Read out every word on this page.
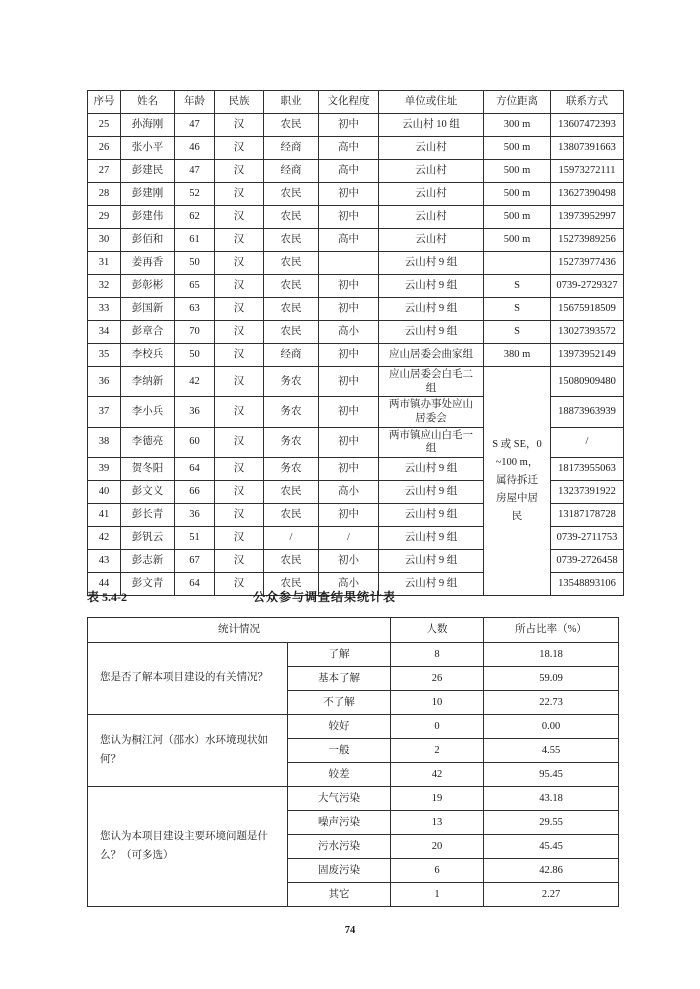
序号	姓名	年龄	民族	职业	文化程度	单位或住址	方位距离	联系方式
25	孙海刚	47	汉	农民	初中	云山村 10 组	300 m	13607472393
26	张小平	46	汉	经商	高中	云山村	500 m	13807391663
27	彭建民	47	汉	经商	高中	云山村	500 m	15973272111
28	彭建刚	52	汉	农民	初中	云山村	500 m	13627390498
29	彭建伟	62	汉	农民	初中	云山村	500 m	13973952997
30	彭佰和	61	汉	农民	高中	云山村	500 m	15273989256
31	姜再香	50	汉	农民		云山村 9 组		15273977436
32	彭彰彬	65	汉	农民	初中	云山村 9 组	S	0739-2729327
33	彭国新	63	汉	农民	初中	云山村 9 组	S	15675918509
34	彭章合	70	汉	农民	高小	云山村 9 组	S	13027393572
35	李校兵	50	汉	经商	初中	应山居委会曲家组	380 m	13973952149
36	李纳新	42	汉	务农	初中	应山居委会白毛二组	S 或 SE，0~100 m，属待拆迁房屋中居民	15080909480
37	李小兵	36	汉	务农	初中	两市镇办事处应山居委会		18873963939
38	李德亮	60	汉	务农	初中	两市镇应山白毛一组		/
39	贺冬阳	64	汉	务农	初中	云山村 9 组		18173955063
40	彭文义	66	汉	农民	高小	云山村 9 组		13237391922
41	彭长青	36	汉	农民	初中	云山村 9 组		13187178728
42	彭钒云	51	汉	/	/	云山村 9 组		0739-2711753
43	彭志新	67	汉	农民	初小	云山村 9 组		0739-2726458
44	彭文青	64	汉	农民	高小	云山村 9 组		13548893106
表 5.4-2	公众参与调查结果统计表
统计情况		人数	所占比率（%）
您是否了解本项目建设的有关情况？	了解	8	18.18
	基本了解	26	59.09
	不了解	10	22.73
您认为桐江河（邵水）水环境现状如何？	较好	0	0.00
	一般	2	4.55
	较差	42	95.45
您认为本项目建设主要环境问题是什么？（可多选）	大气污染	19	43.18
	噪声污染	13	29.55
	污水污染	20	45.45
	固废污染	6	42.86
	其它	1	2.27
74
